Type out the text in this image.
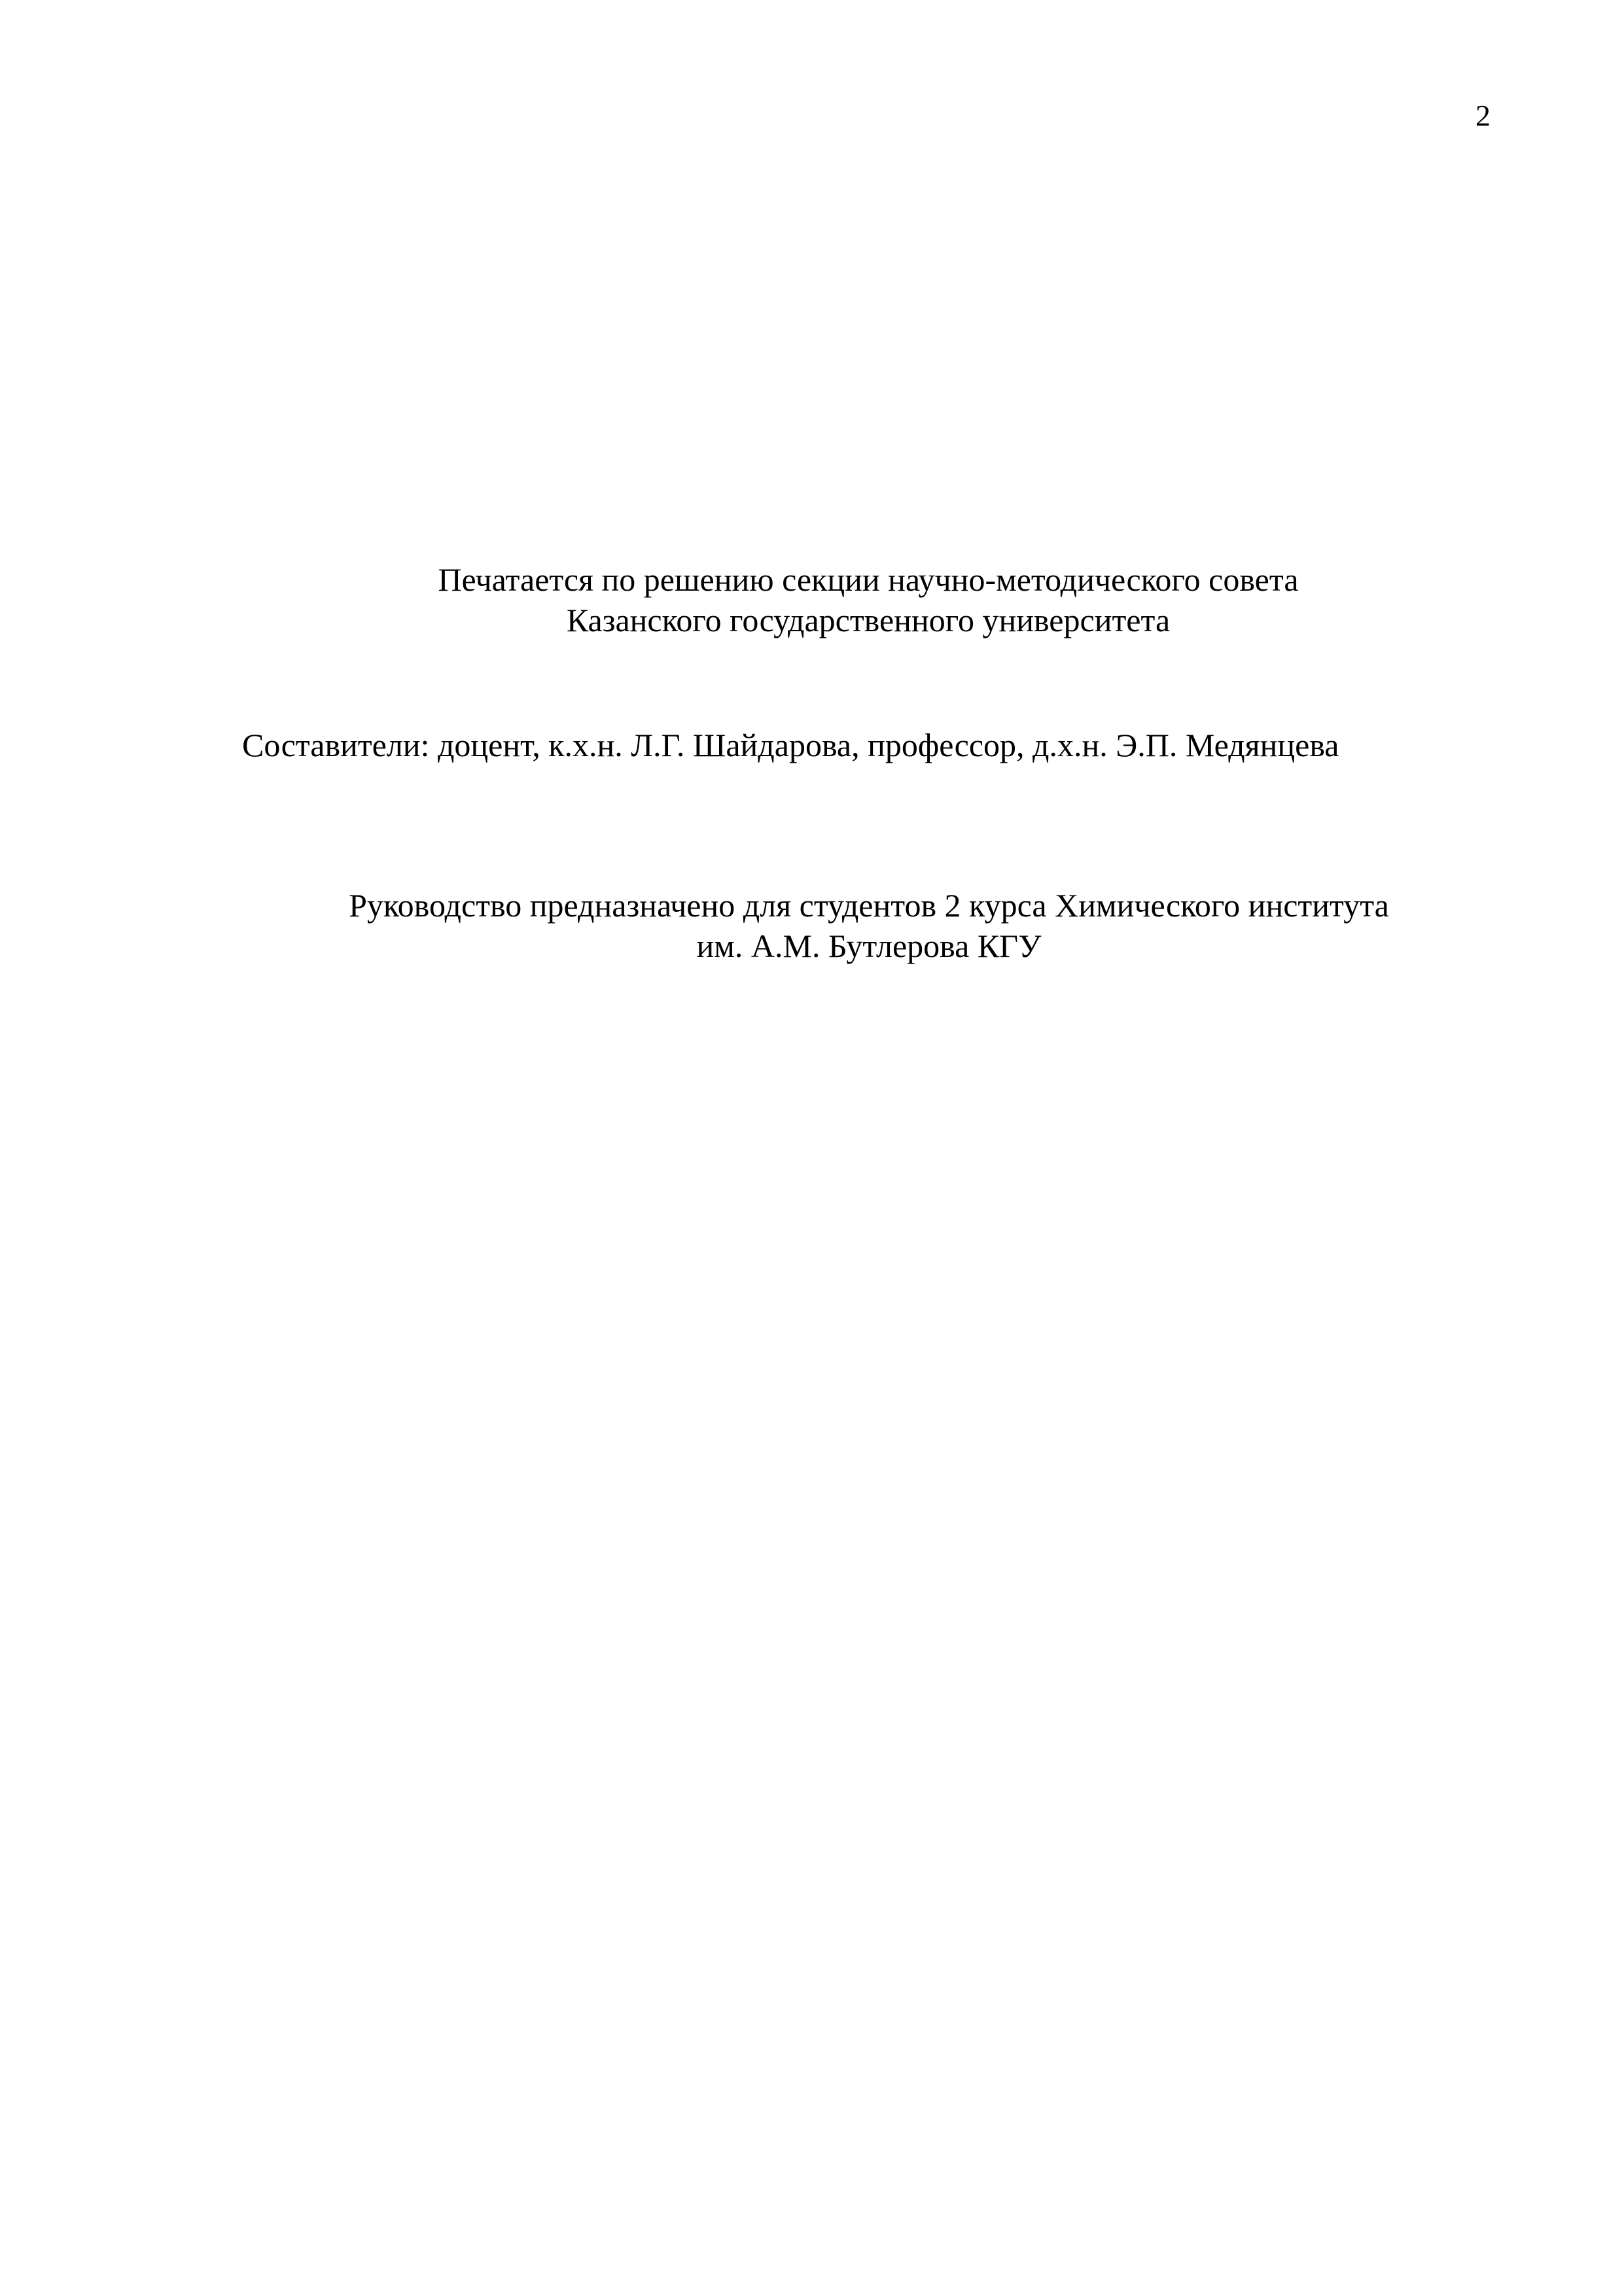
2
Печатается по решению секции научно-методического совета
Казанского государственного университета
Составители: доцент, к.х.н. Л.Г. Шайдарова, профессор, д.х.н. Э.П. Медянцева
Руководство предназначено для студентов 2 курса Химического института
им. А.М. Бутлерова КГУ
